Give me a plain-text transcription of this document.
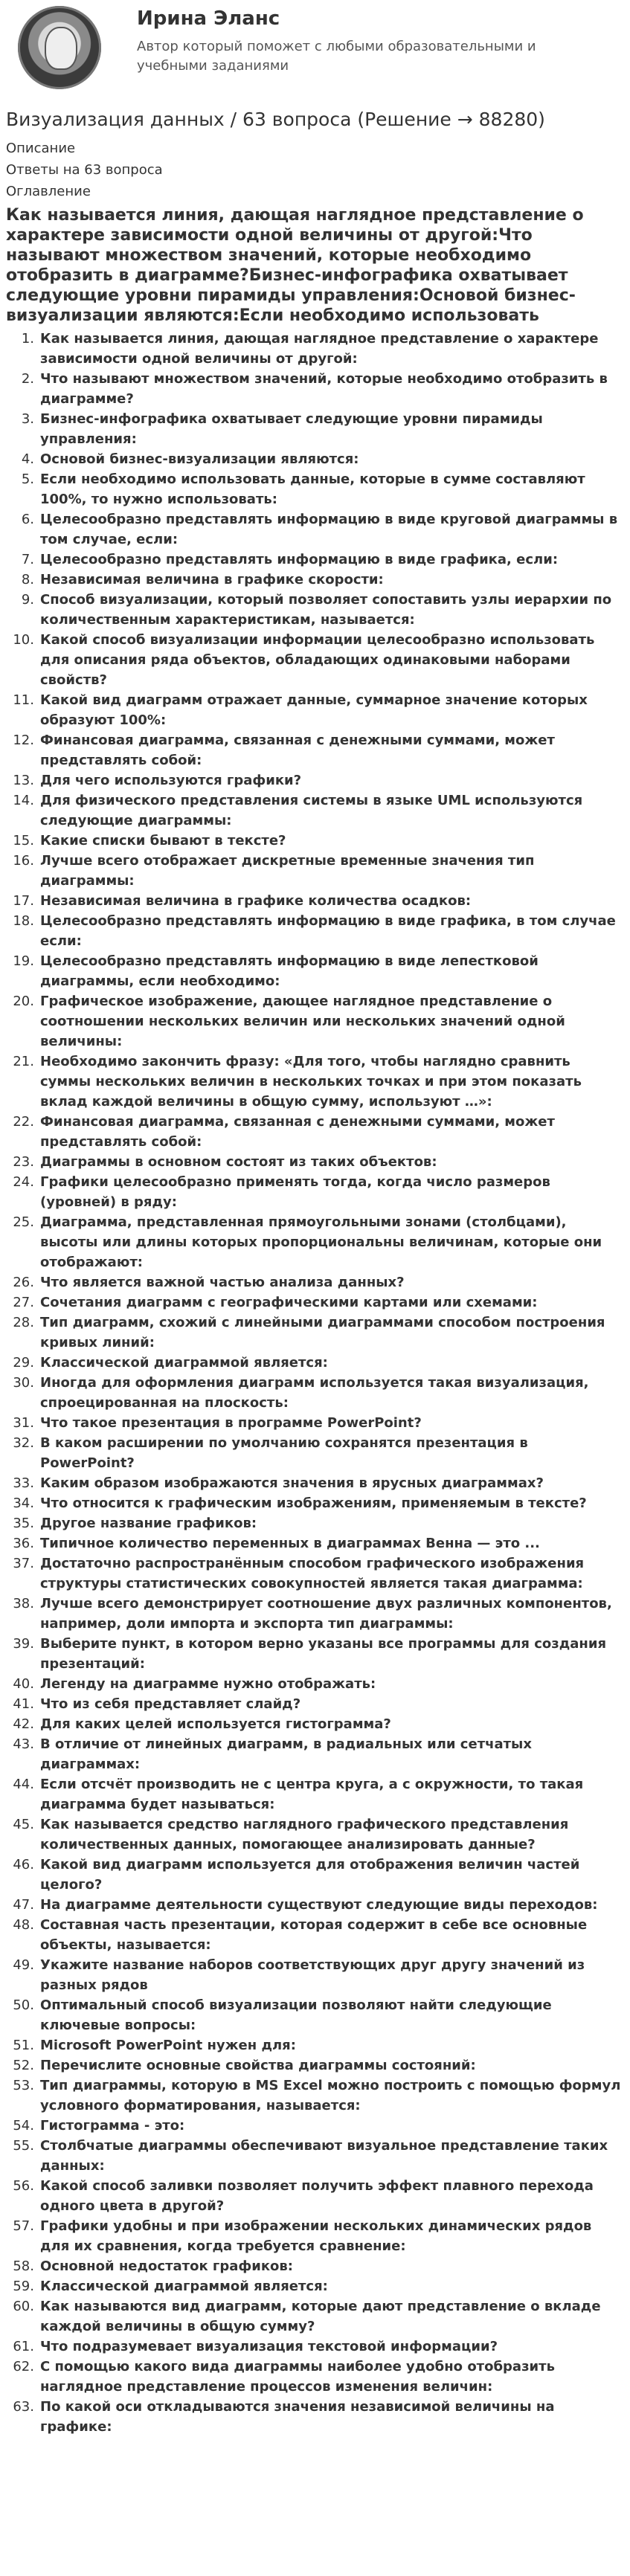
Ирина Эланс
Автор который поможет с любыми образовательными и учебными заданиями
Визуализация данных / 63 вопроса (Решение → 88280)
Описание
Ответы на 63 вопроса
Оглавление
Как называется линия, дающая наглядное представление о характере зависимости одной величины от другой:Что называют множеством значений, которые необходимо отобразить в диаграмме?Бизнес-инфографика охватывает следующие уровни пирамиды управления:Основой бизнес-визуализации являются:Если необходимо использовать
1. Как называется линия, дающая наглядное представление о характере зависимости одной величины от другой:
2. Что называют множеством значений, которые необходимо отобразить в диаграмме?
3. Бизнес-инфографика охватывает следующие уровни пирамиды управления:
4. Основой бизнес-визуализации являются:
5. Если необходимо использовать данные, которые в сумме составляют 100%, то нужно использовать:
6. Целесообразно представлять информацию в виде круговой диаграммы в том случае, если:
7. Целесообразно представлять информацию в виде графика, если:
8. Независимая величина в графике скорости:
9. Способ визуализации, который позволяет сопоставить узлы иерархии по количественным характеристикам, называется:
10. Какой способ визуализации информации целесообразно использовать для описания ряда объектов, обладающих одинаковыми наборами свойств?
11. Какой вид диаграмм отражает данные, суммарное значение которых образуют 100%:
12. Финансовая диаграмма, связанная с денежными суммами, может представлять собой:
13. Для чего используются графики?
14. Для физического представления системы в языке UML используются следующие диаграммы:
15. Какие списки бывают в тексте?
16. Лучше всего отображает дискретные временные значения тип диаграммы:
17. Независимая величина в графике количества осадков:
18. Целесообразно представлять информацию в виде графика, в том случае если:
19. Целесообразно представлять информацию в виде лепестковой диаграммы, если необходимо:
20. Графическое изображение, дающее наглядное представление о соотношении нескольких величин или нескольких значений одной величины:
21. Необходимо закончить фразу: «Для того, чтобы наглядно сравнить суммы нескольких величин в нескольких точках и при этом показать вклад каждой величины в общую сумму, используют …»:
22. Финансовая диаграмма, связанная с денежными суммами, может представлять собой:
23. Диаграммы в основном состоят из таких объектов:
24. Графики целесообразно применять тогда, когда число размеров (уровней) в ряду:
25. Диаграмма, представленная прямоугольными зонами (столбцами), высоты или длины которых пропорциональны величинам, которые они отображают:
26. Что является важной частью анализа данных?
27. Сочетания диаграмм с географическими картами или схемами:
28. Тип диаграмм, схожий с линейными диаграммами способом построения кривых линий:
29. Классической диаграммой является:
30. Иногда для оформления диаграмм используется такая визуализация, спроецированная на плоскость:
31. Что такое презентация в программе PowerPoint?
32. В каком расширении по умолчанию сохранятся презентация в PowerPoint?
33. Каким образом изображаются значения в ярусных диаграммах?
34. Что относится к графическим изображениям, применяемым в тексте?
35. Другое название графиков:
36. Типичное количество переменных в диаграммах Венна — это ...
37. Достаточно распространённым способом графического изображения структуры статистических совокупностей является такая диаграмма:
38. Лучше всего демонстрирует соотношение двух различных компонентов, например, доли импорта и экспорта тип диаграммы:
39. Выберите пункт, в котором верно указаны все программы для создания презентаций:
40. Легенду на диаграмме нужно отображать:
41. Что из себя представляет слайд?
42. Для каких целей используется гистограмма?
43. В отличие от линейных диаграмм, в радиальных или сетчатых диаграммах:
44. Если отсчёт производить не с центра круга, а с окружности, то такая диаграмма будет называться:
45. Как называется средство наглядного графического представления количественных данных, помогающее анализировать данные?
46. Какой вид диаграмм используется для отображения величин частей целого?
47. На диаграмме деятельности существуют следующие виды переходов:
48. Составная часть презентации, которая содержит в себе все основные объекты, называется:
49. Укажите название наборов соответствующих друг другу значений из разных рядов
50. Оптимальный способ визуализации позволяют найти следующие ключевые вопросы:
51. Microsoft PowerPoint нужен для:
52. Перечислите основные свойства диаграммы состояний:
53. Тип диаграммы, которую в MS Excel можно построить с помощью формул условного форматирования, называется:
54. Гистограмма - это:
55. Столбчатые диаграммы обеспечивают визуальное представление таких данных:
56. Какой способ заливки позволяет получить эффект плавного перехода одного цвета в другой?
57. Графики удобны и при изображении нескольких динамических рядов для их сравнения, когда требуется сравнение:
58. Основной недостаток графиков:
59. Классической диаграммой является:
60. Как называются вид диаграмм, которые дают представление о вкладе каждой величины в общую сумму?
61. Что подразумевает визуализация текстовой информации?
62. С помощью какого вида диаграммы наиболее удобно отобразить наглядное представление процессов изменения величин:
63. По какой оси откладываются значения независимой величины на графике:
